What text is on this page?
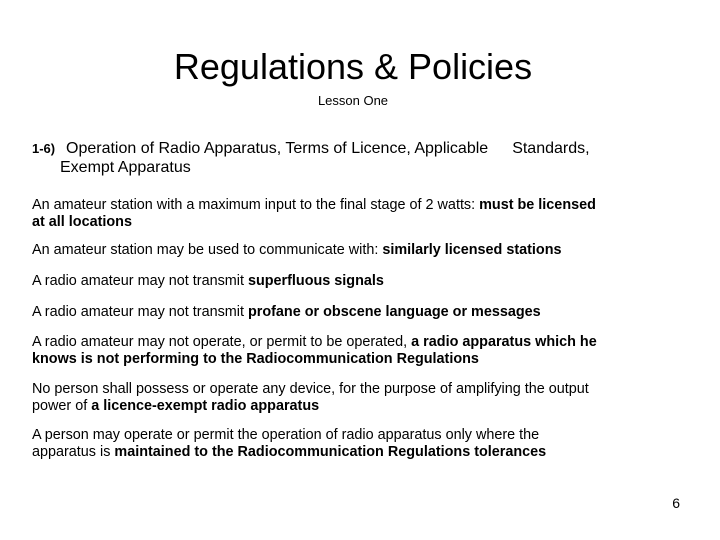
Regulations & Policies
Lesson One
1-6) Operation of Radio Apparatus, Terms of Licence, Applicable Standards,
Exempt Apparatus
An amateur station with a maximum input to the final stage of 2 watts: must be licensed
at all locations
An amateur station may be used to communicate with: similarly licensed stations
A radio amateur may not transmit superfluous signals
A radio amateur may not transmit profane or obscene language or messages
A radio amateur may not operate, or permit to be operated, a radio apparatus which he
knows is not performing to the Radiocommunication Regulations
No person shall possess or operate any device, for the purpose of amplifying the output
power of a licence-exempt radio apparatus
A person may operate or permit the operation of radio apparatus only where the
apparatus is maintained to the Radiocommunication Regulations tolerances
6
